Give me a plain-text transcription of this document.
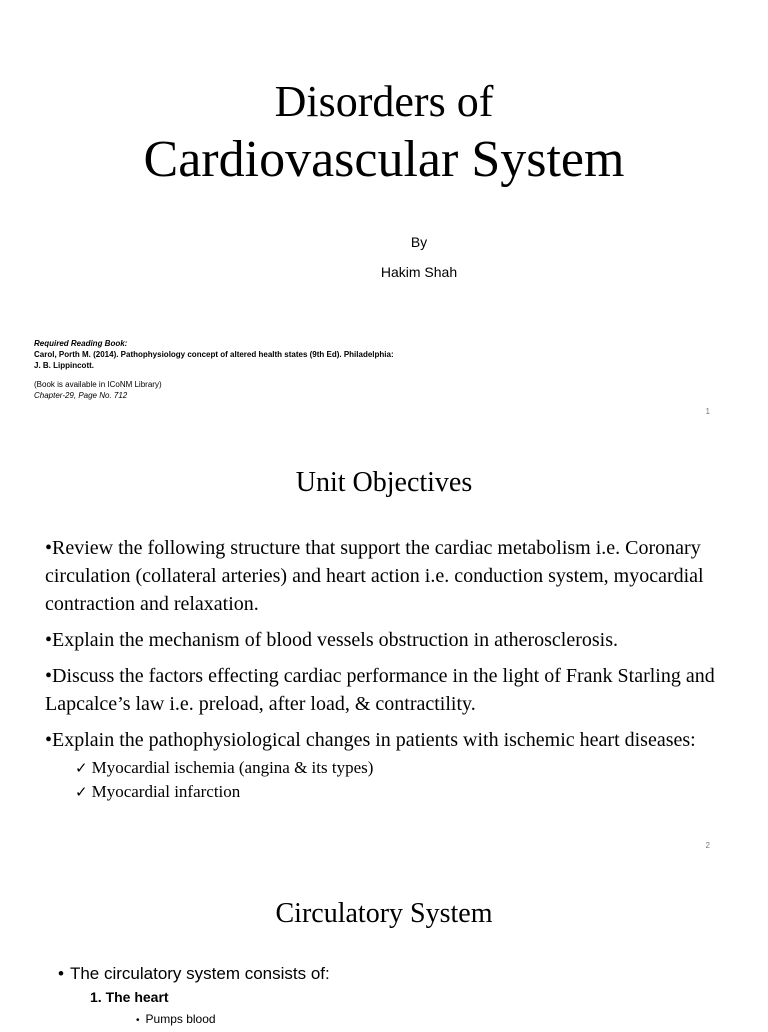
Disorders of
Cardiovascular System
By
Hakim Shah
Required Reading Book:
Carol, Porth M. (2014). Pathophysiology concept of altered health states (9th Ed). Philadelphia:
J. B. Lippincott.
(Book is available in ICoNM Library)
Chapter-29, Page No. 712
1
Unit Objectives

•Review the following structure that support the cardiac metabolism i.e. Coronary circulation (collateral arteries) and heart action i.e. conduction system, myocardial contraction and relaxation.

•Explain the mechanism of blood vessels obstruction in atherosclerosis.

•Discuss the factors effecting cardiac performance in the light of Frank Starling and Lapcalce’s law i.e. preload, after load, & contractility.

•Explain the pathophysiological changes in patients with ischemic heart diseases:

✓ Myocardial ischemia (angina & its types)
✓ Myocardial infarction
2
Circulatory System
• The circulatory system consists of:
1. The heart
• Pumps blood
